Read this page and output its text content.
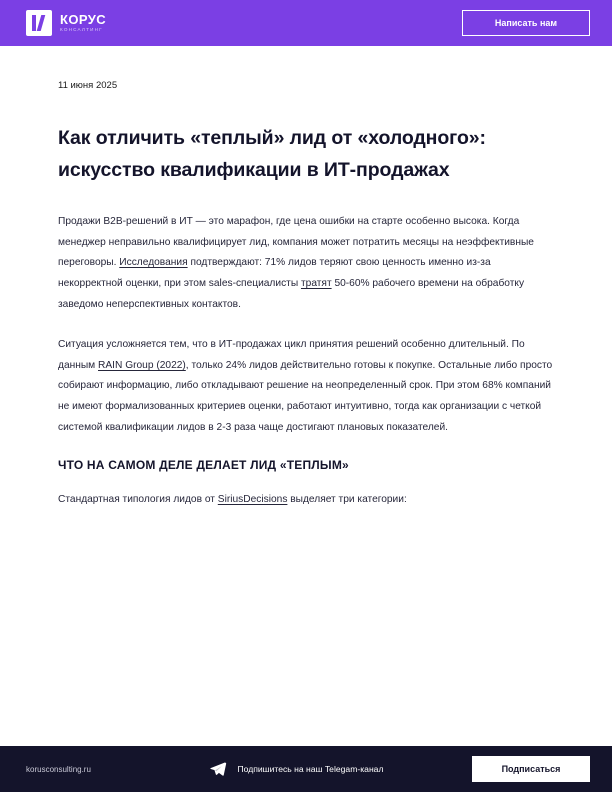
КОРУС
КОНСАЛТИНГ
Написать нам
11 июня 2025
Как отличить «теплый» лид от «холодного»: искусство квалификации в ИТ-продажах

Продажи B2B-решений в ИТ — это марафон, где цена ошибки на старте особенно высока. Когда менеджер неправильно квалифицирует лид, компания может потратить месяцы на неэффективные переговоры. Исследования подтверждают: 71% лидов теряют свою ценность именно из-за некорректной оценки, при этом sales-специалисты тратят 50-60% рабочего времени на обработку заведомо неперспективных контактов.

Ситуация усложняется тем, что в ИТ-продажах цикл принятия решений особенно длительный. По данным RAIN Group (2022), только 24% лидов действительно готовы к покупке. Остальные либо просто собирают информацию, либо откладывают решение на неопределенный срок. При этом 68% компаний не имеют формализованных критериев оценки, работают интуитивно, тогда как организации с четкой системой квалификации лидов в 2-3 раза чаще достигают плановых показателей.

ЧТО НА САМОМ ДЕЛЕ ДЕЛАЕТ ЛИД «ТЕПЛЫМ»

Стандартная типология лидов от SiriusDecisions выделяет три категории:

korusconsulting.ru	Подпишитесь на наш Telegam-канал	Подписаться
